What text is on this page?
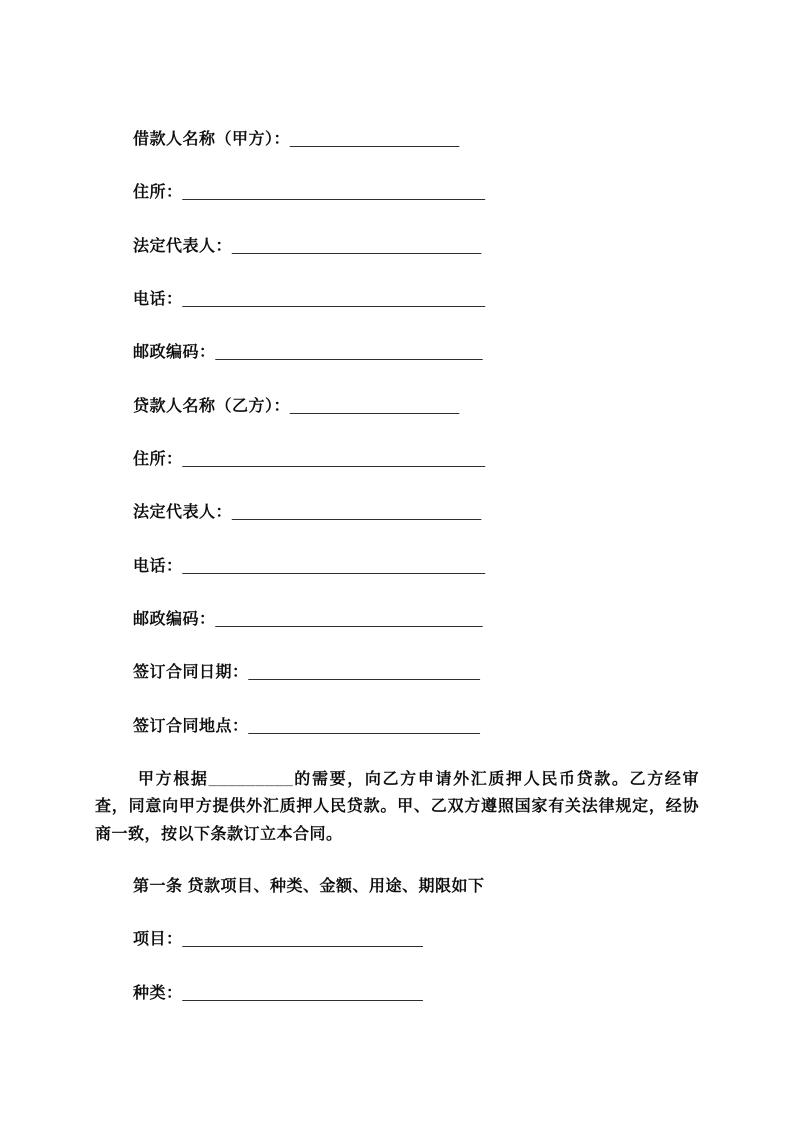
借款人名称（甲方）：___________________
住所：__________________________________
法定代表人：____________________________
电话：__________________________________
邮政编码：______________________________
贷款人名称（乙方）：___________________
住所：__________________________________
法定代表人：____________________________
电话：__________________________________
邮政编码：______________________________
签订合同日期：__________________________
签订合同地点：__________________________
甲方根据_________的需要，向乙方申请外汇质押人民币贷款。乙方经审查，同意向甲方提供外汇质押人民贷款。甲、乙双方遵照国家有关法律规定，经协商一致，按以下条款订立本合同。
第一条 贷款项目、种类、金额、用途、期限如下
项目：___________________________
种类：___________________________
